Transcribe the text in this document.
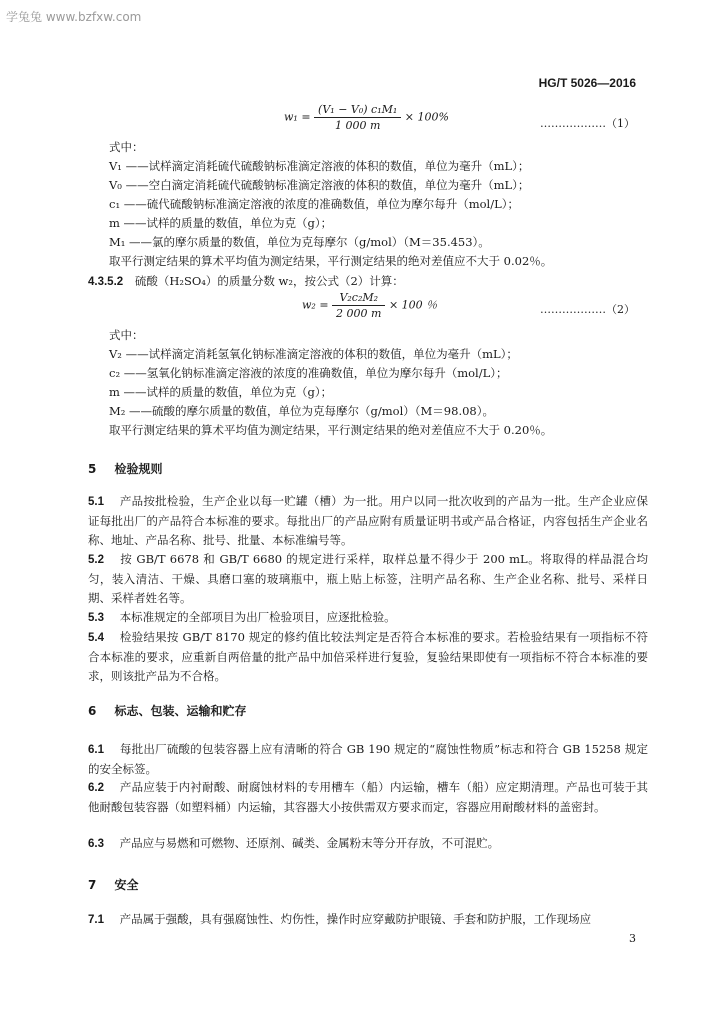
学兔兔 www.bzfxw.com
HG/T 5026—2016
$w_1 = \frac{\text{(V₁ − V₀) c₁M₁}}{1 000 m} \times 100\%$	………………（1）
式中：
V₁ ——试样滴定消耗硫代硫酸钠标准滴定溶液的体积的数值，单位为毫升（mL）；
V₀ ——空白滴定消耗硫代硫酸钠标准滴定溶液的体积的数值，单位为毫升（mL）；
c₁ ——硫代硫酸钠标准滴定溶液的浓度的准确数值，单位为摩尔每升（mol/L）；
m ——试样的质量的数值，单位为克（g）；
M₁ ——氯的摩尔质量的数值，单位为克每摩尔（g/mol）（M＝35.453）。
取平行测定结果的算术平均值为测定结果，平行测定结果的绝对差值应不大于 0.02％。
4.3.5.2 硫酸（H₂SO₄）的质量分数 w₂，按公式（2）计算：
$w_2 = \frac{\text{V₂c₂M₂}}{2 000 m} \times 100$ ％	………………（2）
式中：
V₂ ——试样滴定消耗氢氧化钠标准滴定溶液的体积的数值，单位为毫升（mL）；
c₂ ——氢氧化钠标准滴定溶液的浓度的准确数值，单位为摩尔每升（mol/L）；
m ——试样的质量的数值，单位为克（g）；
M₂ ——硫酸的摩尔质量的数值，单位为克每摩尔（g/mol）（M＝98.08）。
取平行测定结果的算术平均值为测定结果，平行测定结果的绝对差值应不大于 0.20％。
5 检验规则
5.1 产品按批检验，生产企业以每一贮罐（槽）为一批。用户以同一批次收到的产品为一批。生产企业应保证每批出厂的产品符合本标准的要求。每批出厂的产品应附有质量证明书或产品合格证，内容包括生产企业名称、地址、产品名称、批号、批量、本标准编号等。
5.2 按 GB/T 6678 和 GB/T 6680 的规定进行采样，取样总量不得少于 200 mL。将取得的样品混合均匀，装入清洁、干燥、具磨口塞的玻璃瓶中，瓶上贴上标签，注明产品名称、生产企业名称、批号、采样日期、采样者姓名等。
5.3 本标准规定的全部项目为出厂检验项目，应逐批检验。
5.4 检验结果按 GB/T 8170 规定的修约值比较法判定是否符合本标准的要求。若检验结果有一项指标不符合本标准的要求，应重新自两倍量的批产品中加倍采样进行复验，复验结果即使有一项指标不符合本标准的要求，则该批产品为不合格。
6 标志、包装、运输和贮存
6.1 每批出厂硫酸的包装容器上应有清晰的符合 GB 190 规定的“腐蚀性物质”标志和符合 GB 15258 规定的安全标签。
6.2 产品应装于内衬耐酸、耐腐蚀材料的专用槽车（船）内运输，槽车（船）应定期清理。产品也可装于其他耐酸包装容器（如塑料桶）内运输，其容器大小按供需双方要求而定，容器应用耐酸材料的盖密封。
6.3 产品应与易燃和可燃物、还原剂、碱类、金属粉末等分开存放，不可混贮。
7 安全
7.1 产品属于强酸，具有强腐蚀性、灼伤性，操作时应穿戴防护眼镜、手套和防护服，工作现场应
3
